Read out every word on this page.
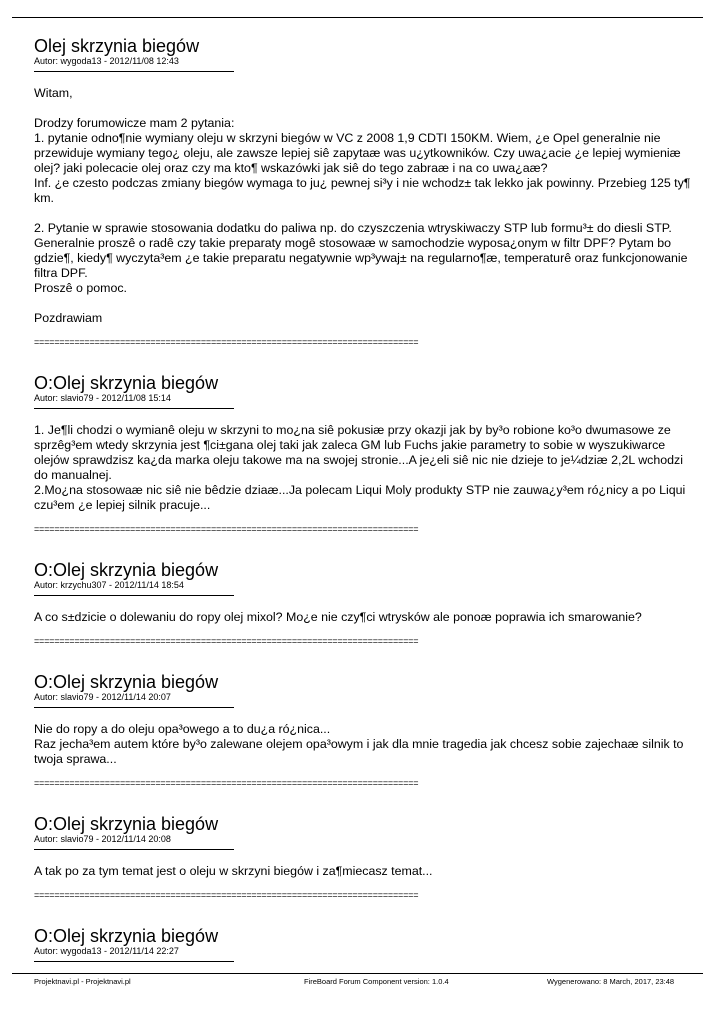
Olej skrzynia biegów
Autor: wygoda13 - 2012/11/08 12:43

Witam,

Drodzy forumowicze mam 2 pytania:

1. pytanie odno¶nie wymiany oleju w skrzyni biegów w VC z 2008 1,9 CDTI 150KM. Wiem, ¿e Opel generalnie nie przewiduje wymiany tego¿ oleju, ale zawsze lepiej siê zapytaæ was u¿ytkowników. Czy uwa¿acie ¿e lepiej wymieniæ olej? jaki polecacie olej oraz czy ma kto¶ wskazówki jak siê do tego zabraæ i na co uwa¿aæ?

Inf. ¿e czesto podczas zmiany biegów wymaga to ju¿ pewnej si³y i nie wchodz± tak lekko jak powinny. Przebieg 125 ty¶ km.

2. Pytanie w sprawie stosowania dodatku do paliwa np. do czyszczenia wtryskiwaczy STP lub formu³± do diesli STP. Generalnie proszê o radê czy takie preparaty mogê stosowaæ w samochodzie wyposa¿onym w filtr DPF? Pytam bo gdzie¶, kiedy¶ wyczyta³em ¿e takie preparatu negatywnie wp³ywaj± na regularno¶æ, temperaturê oraz funkcjonowanie filtra DPF.

Proszê o pomoc.

Pozdrawiam

============================================================================
O:Olej skrzynia biegów
Autor: slavio79 - 2012/11/08 15:14

1. Je¶li chodzi o wymianê oleju w skrzyni to mo¿na siê pokusiæ przy okazji jak by by³o robione ko³o dwumasowe ze sprzêg³em wtedy skrzynia jest ¶ci±gana olej taki jak zaleca GM lub Fuchs jakie parametry to sobie w wyszukiwarce olejów sprawdzisz ka¿da marka oleju takowe ma na swojej stronie...A je¿eli siê nic nie dzieje to je¼dziæ 2,2L wchodzi do manualnej.

2.Mo¿na stosowaæ nic siê nie bêdzie dziaæ...Ja polecam Liqui Moly produkty STP nie zauwa¿y³em ró¿nicy a po Liqui czu³em ¿e lepiej silnik pracuje...

============================================================================
O:Olej skrzynia biegów
Autor: krzychu307 - 2012/11/14 18:54

A co s±dzicie o dolewaniu do ropy olej mixol? Mo¿e nie czy¶ci wtrysków ale ponoæ poprawia ich smarowanie?

============================================================================
O:Olej skrzynia biegów
Autor: slavio79 - 2012/11/14 20:07

Nie do ropy a do oleju opa³owego a to du¿a ró¿nica...

Raz jecha³em autem które by³o zalewane olejem opa³owym i jak dla mnie tragedia jak chcesz sobie zajechaæ silnik to twoja sprawa...

============================================================================
O:Olej skrzynia biegów
Autor: slavio79 - 2012/11/14 20:08

A tak po za tym temat jest o oleju w skrzyni biegów i za¶miecasz temat...

============================================================================
O:Olej skrzynia biegów
Autor: wygoda13 - 2012/11/14 22:27
Projektnavi.pl - Projektnavi.pl	FireBoard Forum Component version: 1.0.4	Wygenerowano: 8 March, 2017, 23:48
